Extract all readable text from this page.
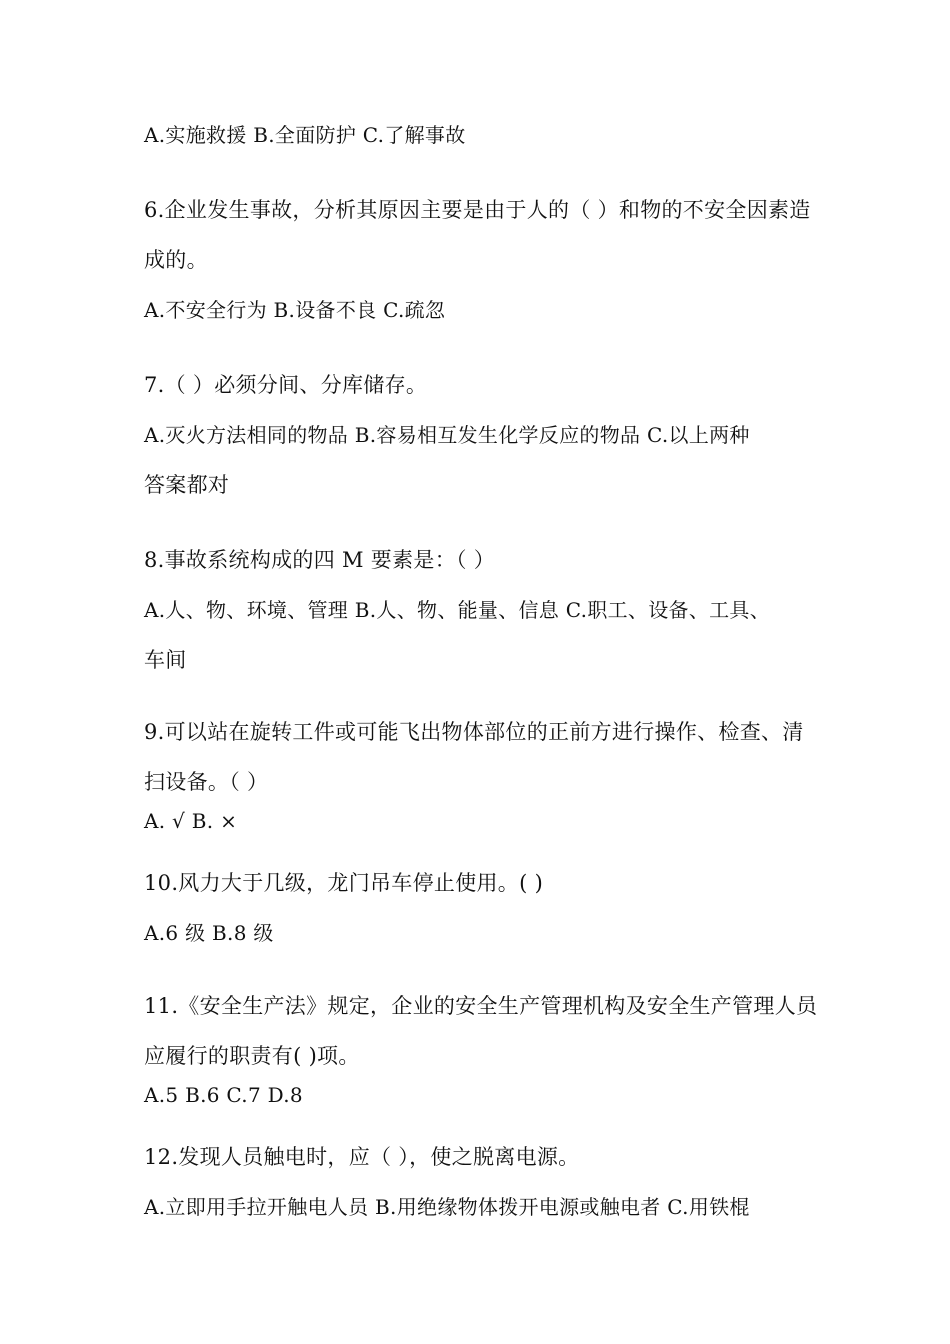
A.实施救援 B.全面防护 C.了解事故
6.企业发生事故，分析其原因主要是由于人的（ ）和物的不安全因素造
成的。
A.不安全行为 B.设备不良 C.疏忽
7.（ ）必须分间、分库储存。
A.灭火方法相同的物品 B.容易相互发生化学反应的物品 C.以上两种
答案都对
8.事故系统构成的四 M 要素是：（ ）
A.人、物、环境、管理 B.人、物、能量、信息 C.职工、设备、工具、
车间
9.可以站在旋转工件或可能飞出物体部位的正前方进行操作、检查、清
扫设备。（ ）
A. √ B. ×
10.风力大于几级，龙门吊车停止使用。( )
A.6 级 B.8 级
11.《安全生产法》规定，企业的安全生产管理机构及安全生产管理人员
应履行的职责有( )项。
A.5 B.6 C.7 D.8
12.发现人员触电时，应（ ），使之脱离电源。
A.立即用手拉开触电人员 B.用绝缘物体拨开电源或触电者 C.用铁棍
